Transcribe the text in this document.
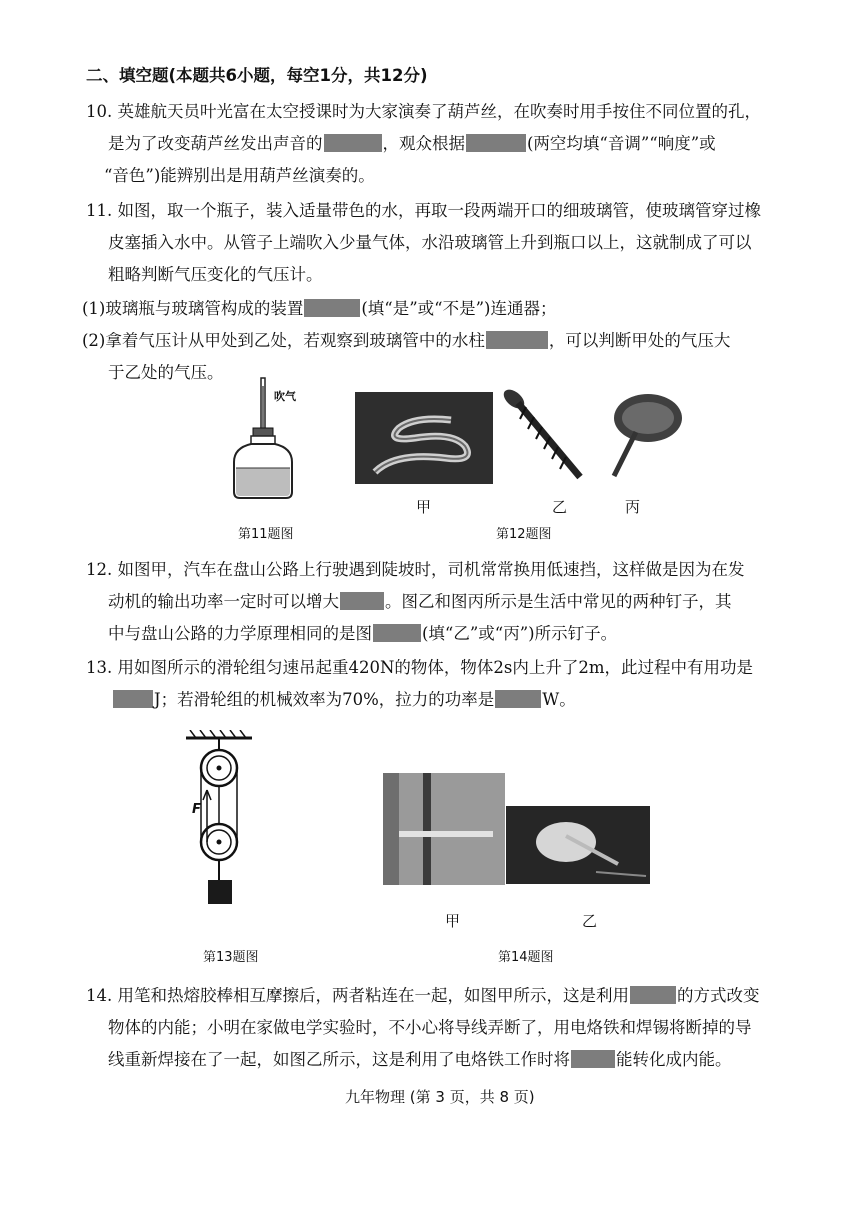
二、填空题(本题共6小题，每空1分，共12分)
10. 英雄航天员叶光富在太空授课时为大家演奏了葫芦丝，在吹奏时用手按住不同位置的孔，
是为了改变葫芦丝发出声音的	，观众根据	(两空均填“音调”“响度”或
“音色”)能辨别出是用葫芦丝演奏的。
11. 如图，取一个瓶子，装入适量带色的水，再取一段两端开口的细玻璃管，使玻璃管穿过橡
皮塞插入水中。从管子上端吹入少量气体，水沿玻璃管上升到瓶口以上，这就制成了可以
粗略判断气压变化的气压计。
(1)玻璃瓶与玻璃管构成的装置	(填“是”或“不是”)连通器；
(2)拿着气压计从甲处到乙处，若观察到玻璃管中的水柱	，可以判断甲处的气压大
于乙处的气压。
吹气
第11题图
甲	乙	丙
第12题图
12. 如图甲，汽车在盘山公路上行驶遇到陡坡时，司机常常换用低速挡，这样做是因为在发
动机的输出功率一定时可以增大	。图乙和图丙所示是生活中常见的两种钉子，其
中与盘山公路的力学原理相同的是图	(填“乙”或“丙”)所示钉子。
13. 用如图所示的滑轮组匀速吊起重420N的物体，物体2s内上升了2m，此过程中有用功是
J；若滑轮组的机械效率为70%，拉力的功率是	W。
F
第13题图
甲	乙
第14题图
14. 用笔和热熔胶棒相互摩擦后，两者粘连在一起，如图甲所示，这是利用	的方式改变
物体的内能；小明在家做电学实验时，不小心将导线弄断了，用电烙铁和焊锡将断掉的导
线重新焊接在了一起，如图乙所示，这是利用了电烙铁工作时将	能转化成内能。
九年物理 (第 3 页，共 8 页)
